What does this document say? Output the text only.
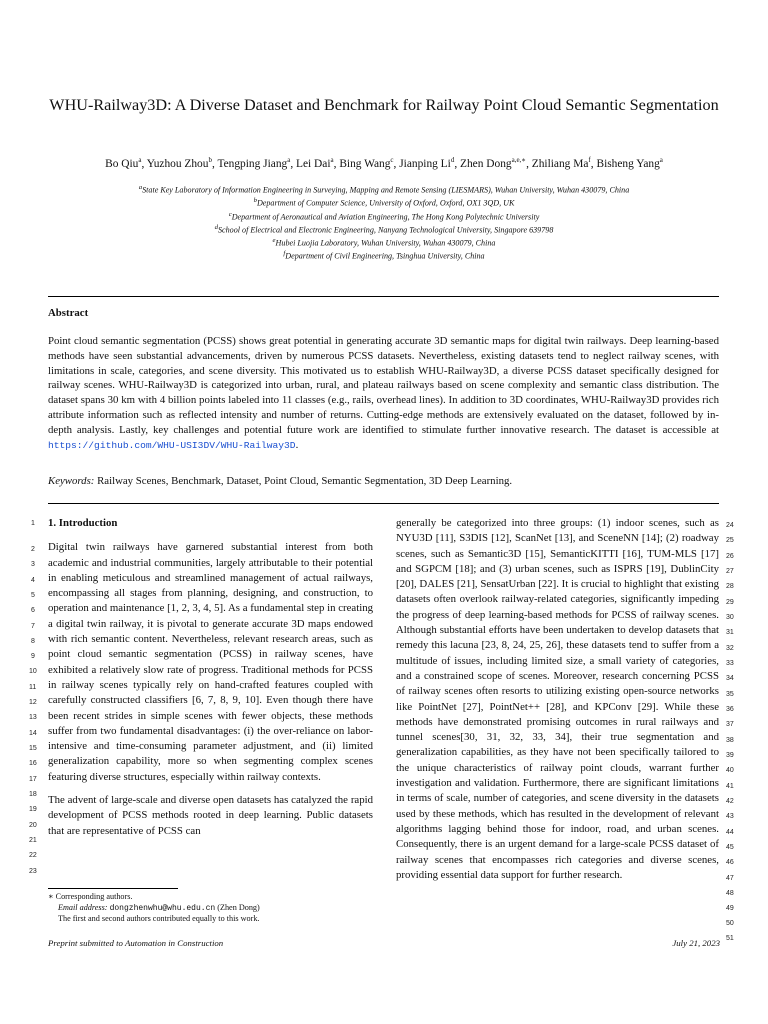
WHU-Railway3D: A Diverse Dataset and Benchmark for Railway Point Cloud Semantic Segmentation
Bo Qiu$^a$, Yuzhou Zhou$^b$, Tengping Jiang$^a$, Lei Dai$^a$, Bing Wang$^c$, Jianping Li$^d$, Zhen Dong$^{a,e,∗}$, Zhiliang Ma$^f$, Bisheng Yang$^a$
$^a$State Key Laboratory of Information Engineering in Surveying, Mapping and Remote Sensing (LIESMARS), Wuhan University, Wuhan 430079, China
$^b$Department of Computer Science, University of Oxford, Oxford, OX1 3QD, UK
$^c$Department of Aeronautical and Aviation Engineering, The Hong Kong Polytechnic University
$^d$School of Electrical and Electronic Engineering, Nanyang Technological University, Singapore 639798
$^e$Hubei Luojia Laboratory, Wuhan University, Wuhan 430079, China
$^f$Department of Civil Engineering, Tsinghua University, China
Abstract
Point cloud semantic segmentation (PCSS) shows great potential in generating accurate 3D semantic maps for digital twin railways. Deep learning-based methods have seen substantial advancements, driven by numerous PCSS datasets. Nevertheless, existing datasets tend to neglect railway scenes, with limitations in scale, categories, and scene diversity. This motivated us to establish WHU-Railway3D, a diverse PCSS dataset specifically designed for railway scenes. WHU-Railway3D is categorized into urban, rural, and plateau railways based on scene complexity and semantic class distribution. The dataset spans 30 km with 4 billion points labeled into 11 classes (e.g., rails, overhead lines). In addition to 3D coordinates, WHU-Railway3D provides rich attribute information such as reflected intensity and number of returns. Cutting-edge methods are extensively evaluated on the dataset, followed by in-depth analysis. Lastly, key challenges and potential future work are identified to stimulate further innovative research. The dataset is accessible at https://github.com/WHU-USI3DV/WHU-Railway3D.
Keywords: Railway Scenes, Benchmark, Dataset, Point Cloud, Semantic Segmentation, 3D Deep Learning.
1. Introduction
Digital twin railways have garnered substantial interest from both academic and industrial communities, largely attributable to their potential in enabling meticulous and streamlined management of actual railways, encompassing all stages from planning, designing, and construction, to operation and maintenance [1, 2, 3, 4, 5]. As a fundamental step in creating a digital twin railway, it is pivotal to generate accurate 3D maps endowed with rich semantic content. Nevertheless, relevant research areas, such as point cloud semantic segmentation (PCSS) in railway scenes, have exhibited a relatively slow rate of progress. Traditional methods for PCSS in railway scenes typically rely on hand-crafted features coupled with carefully constructed classifiers [6, 7, 8, 9, 10]. Even though there have been recent strides in simple scenes with fewer objects, these methods suffer from two fundamental disadvantages: (i) the over-reliance on labor-intensive and time-consuming parameter adjustment, and (ii) limited generalization capability, more so when segmenting complex scenes featuring diverse structures, especially within railway contexts.
The advent of large-scale and diverse open datasets has catalyzed the rapid development of PCSS methods rooted in deep learning. Public datasets that are representative of PCSS can
generally be categorized into three groups: (1) indoor scenes, such as NYU3D [11], S3DIS [12], ScanNet [13], and SceneNN [14]; (2) roadway scenes, such as Semantic3D [15], SemanticKITTI [16], TUM-MLS [17] and SGPCM [18]; and (3) urban scenes, such as ISPRS [19], DublinCity [20], DALES [21], SensatUrban [22]. It is crucial to highlight that existing datasets often overlook railway-related categories, significantly impeding the progress of deep learning-based methods for PCSS of railway scenes. Although substantial efforts have been undertaken to develop datasets that remedy this lacuna [23, 8, 24, 25, 26], these datasets tend to suffer from a multitude of issues, including limited size, a small variety of categories, and a constrained scope of scenes. Moreover, research concerning PCSS of railway scenes often resorts to utilizing existing open-source networks like PointNet [27], PointNet++ [28], and KPConv [29]. While these methods have demonstrated promising outcomes in rural railways and tunnel scenes[30, 31, 32, 33, 34], their true segmentation and generalization capabilities, as they have not been specifically tailored to the unique characteristics of railway point clouds, warrant further investigation and validation. Furthermore, there are significant limitations in terms of scale, number of categories, and scene diversity in the datasets used by these methods, which has resulted in the development of relevant algorithms lagging behind those for indoor, road, and urban scenes. Consequently, there is an urgent demand for a large-scale PCSS dataset of railway scenes that encompasses rich categories and diverse scenes, providing essential data support for further research.
1
2
3
4
5
6
7
8
9
10
11
12
13
14
15
16
17
18
19
20
21
22
23
24
25
26
27
28
29
30
31
32
33
34
35
36
37
38
39
40
41
42
43
44
45
46
47
48
49
50
51
∗ Corresponding authors.
Email address: dongzhenwhu@whu.edu.cn (Zhen Dong)
The first and second authors contributed equally to this work.
Preprint submitted to Automation in Construction	July 21, 2023
